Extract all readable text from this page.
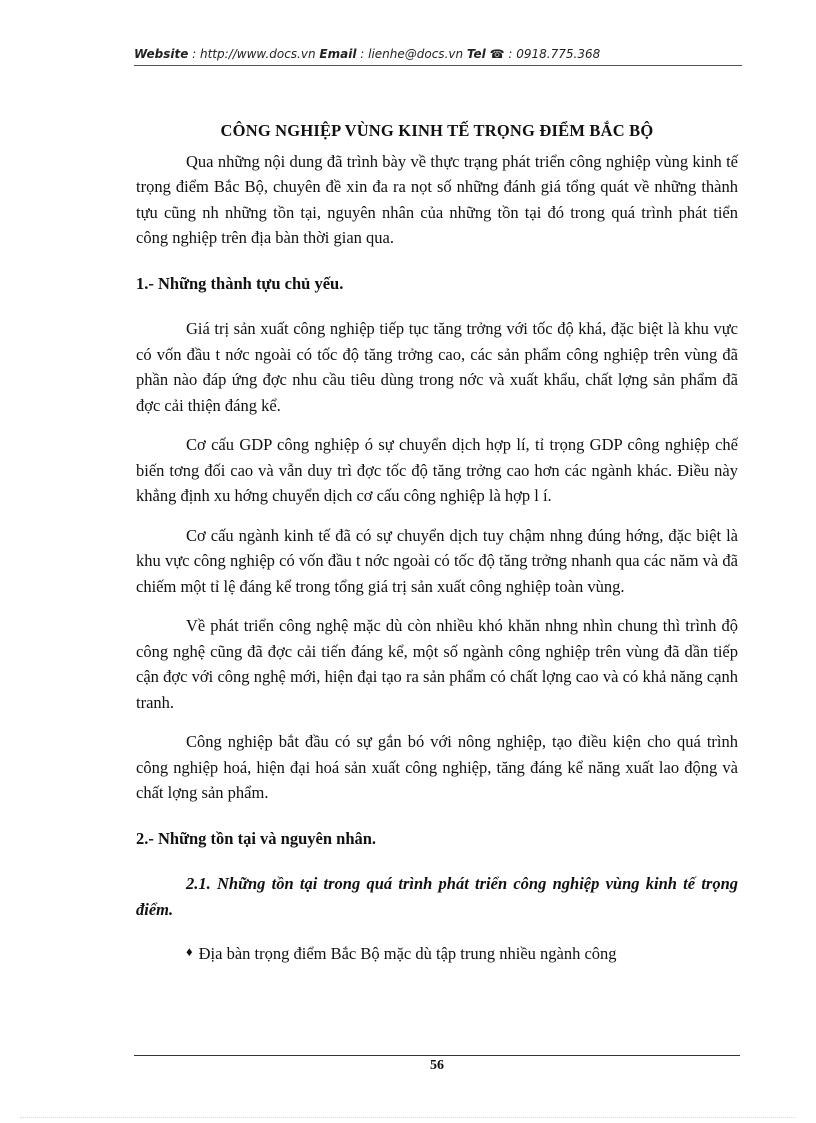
Website : http://www.docs.vn Email : lienhe@docs.vn Tel ☎ : 0918.775.368
CÔNG NGHIỆP VÙNG KINH TẾ TRỌNG ĐIỂM BẮC BỘ

Qua những nội dung đã trình bày về thực trạng phát triển công nghiệp vùng kinh tế trọng điểm Bắc Bộ, chuyên đề xin đa ra nọt số những đánh giá tổng quát về những thành tựu cũng nh những tồn tại, nguyên nhân của những tồn tại đó trong quá trình phát tiển công nghiệp trên địa bàn thời gian qua.

1.- Những thành tựu chủ yếu.

Giá trị sản xuất công nghiệp tiếp tục tăng trởng với tốc độ khá, đặc biệt là khu vực có vốn đầu t nớc ngoài có tốc độ tăng trởng cao, các sản phẩm công nghiệp trên vùng đã phần nào đáp ứng đợc nhu cầu tiêu dùng trong nớc và xuất khẩu, chất lợng sản phẩm đã đợc cải thiện đáng kể.

Cơ cấu GDP công nghiệp ó sự chuyển dịch hợp lí, tỉ trọng GDP công nghiệp chế biến tơng đối cao và vẫn duy trì đợc tốc độ tăng trởng cao hơn các ngành khác. Điều này khẳng định xu hớng chuyển dịch cơ cấu công nghiệp là hợp l í.

Cơ cấu ngành kinh tế đã có sự chuyển dịch tuy chậm nhng đúng hớng, đặc biệt là khu vực công nghiệp có vốn đầu t nớc ngoài có tốc độ tăng trởng nhanh qua các năm và đã chiếm một tỉ lệ đáng kể trong tổng giá trị sản xuất công nghiệp toàn vùng.

Về phát triển công nghệ mặc dù còn nhiều khó khăn nhng nhìn chung thì trình độ công nghệ cũng đã đợc cải tiến đáng kể, một số ngành công nghiệp trên vùng đã dần tiếp cận đợc với công nghệ mới, hiện đại tạo ra sản phẩm có chất lợng cao và có khả năng cạnh tranh.

Công nghiệp bắt đầu có sự gắn bó với nông nghiệp, tạo điều kiện cho quá trình công nghiệp hoá, hiện đại hoá sản xuất công nghiệp, tăng đáng kể năng xuất lao động và chất lợng sản phẩm.

2.- Những tồn tại và nguyên nhân.

2.1. Những tồn tại trong quá trình phát triển công nghiệp vùng kinh tế trọng điểm.

♦ Địa bàn trọng điểm Bắc Bộ mặc dù tập trung nhiều ngành công

56
